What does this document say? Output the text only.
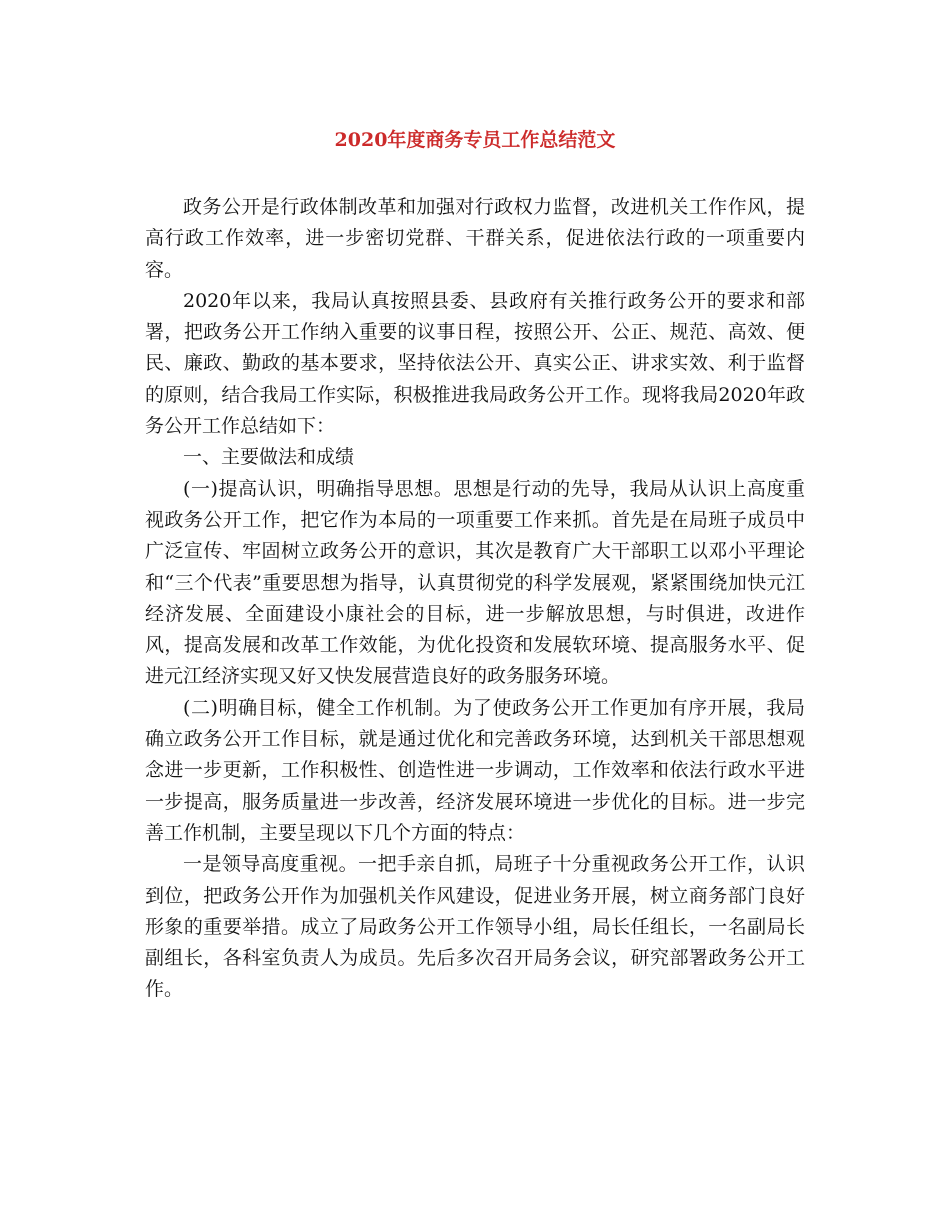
2020年度商务专员工作总结范文

政务公开是行政体制改革和加强对行政权力监督，改进机关工作作风，提高行政工作效率，进一步密切党群、干群关系，促进依法行政的一项重要内容。

2020年以来，我局认真按照县委、县政府有关推行政务公开的要求和部署，把政务公开工作纳入重要的议事日程，按照公开、公正、规范、高效、便民、廉政、勤政的基本要求，坚持依法公开、真实公正、讲求实效、利于监督的原则，结合我局工作实际，积极推进我局政务公开工作。现将我局2020年政务公开工作总结如下：

一、主要做法和成绩

(一)提高认识，明确指导思想。思想是行动的先导，我局从认识上高度重视政务公开工作，把它作为本局的一项重要工作来抓。首先是在局班子成员中广泛宣传、牢固树立政务公开的意识，其次是教育广大干部职工以邓小平理论和“三个代表”重要思想为指导，认真贯彻党的科学发展观，紧紧围绕加快元江经济发展、全面建设小康社会的目标，进一步解放思想，与时俱进，改进作风，提高发展和改革工作效能，为优化投资和发展软环境、提高服务水平、促进元江经济实现又好又快发展营造良好的政务服务环境。

(二)明确目标，健全工作机制。为了使政务公开工作更加有序开展，我局确立政务公开工作目标，就是通过优化和完善政务环境，达到机关干部思想观念进一步更新，工作积极性、创造性进一步调动，工作效率和依法行政水平进一步提高，服务质量进一步改善，经济发展环境进一步优化的目标。进一步完善工作机制，主要呈现以下几个方面的特点：

一是领导高度重视。一把手亲自抓，局班子十分重视政务公开工作，认识到位，把政务公开作为加强机关作风建设，促进业务开展，树立商务部门良好形象的重要举措。成立了局政务公开工作领导小组，局长任组长，一名副局长副组长，各科室负责人为成员。先后多次召开局务会议，研究部署政务公开工作。
